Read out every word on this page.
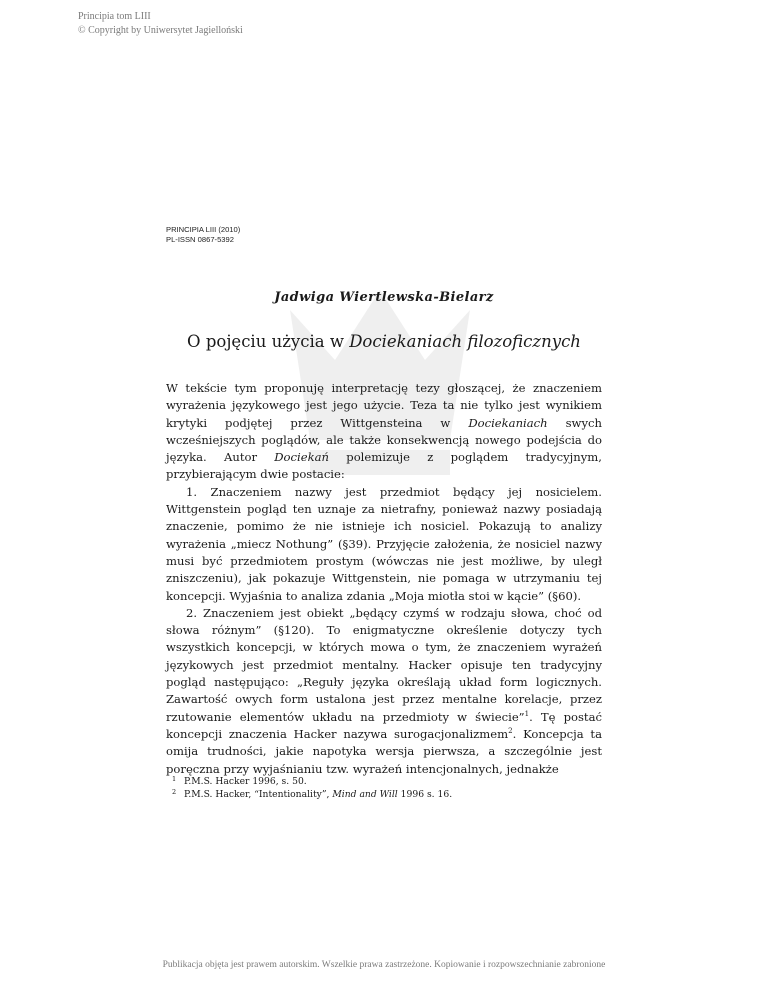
Principia tom LIII
© Copyright by Uniwersytet Jagielloński
PRINCIPIA LIII (2010)
PL-ISSN 0867-5392
Jadwiga Wiertlewska-Bielarz
O pojęciu użycia w Dociekaniach filozoficznych

W tekście tym proponuję interpretację tezy głoszącej, że znaczeniem wyrażenia językowego jest jego użycie. Teza ta nie tylko jest wynikiem krytyki podjętej przez Wittgensteina w Dociekaniach swych wcześniejszych poglądów, ale także konsekwencją nowego podejścia do języka. Autor Dociekań polemizuje z poglądem tradycyjnym, przybierającym dwie postacie:

1. Znaczeniem nazwy jest przedmiot będący jej nosicielem. Wittgenstein pogląd ten uznaje za nietrafny, ponieważ nazwy posiadają znaczenie, pomimo że nie istnieje ich nosiciel. Pokazują to analizy wyrażenia „miecz Nothung” (§39). Przyjęcie założenia, że nosiciel nazwy musi być przedmiotem prostym (wówczas nie jest możliwe, by uległ zniszczeniu), jak pokazuje Wittgenstein, nie pomaga w utrzymaniu tej koncepcji. Wyjaśnia to analiza zdania „Moja miotła stoi w kącie” (§60).

2. Znaczeniem jest obiekt „będący czymś w rodzaju słowa, choć od słowa różnym” (§120). To enigmatyczne określenie dotyczy tych wszystkich koncepcji, w których mowa o tym, że znaczeniem wyrażeń językowych jest przedmiot mentalny. Hacker opisuje ten tradycyjny pogląd następująco: „Reguły języka określają układ form logicznych. Zawartość owych form ustalona jest przez mentalne korelacje, przez rzutowanie elementów układu na przedmioty w świecie”$^1$. Tę postać koncepcji znaczenia Hacker nazywa surogacjonalizmem$^2$. Koncepcja ta omija trudności, jakie napotyka wersja pierwsza, a szczególnie jest poręczna przy wyjaśnianiu tzw. wyrażeń intencjonalnych, jednakże

1 P.M.S. Hacker 1996, s. 50.
2 P.M.S. Hacker, “Intentionality”, Mind and Will 1996 s. 16.
Publikacja objęta jest prawem autorskim. Wszelkie prawa zastrzeżone. Kopiowanie i rozpowszechnianie zabronione
